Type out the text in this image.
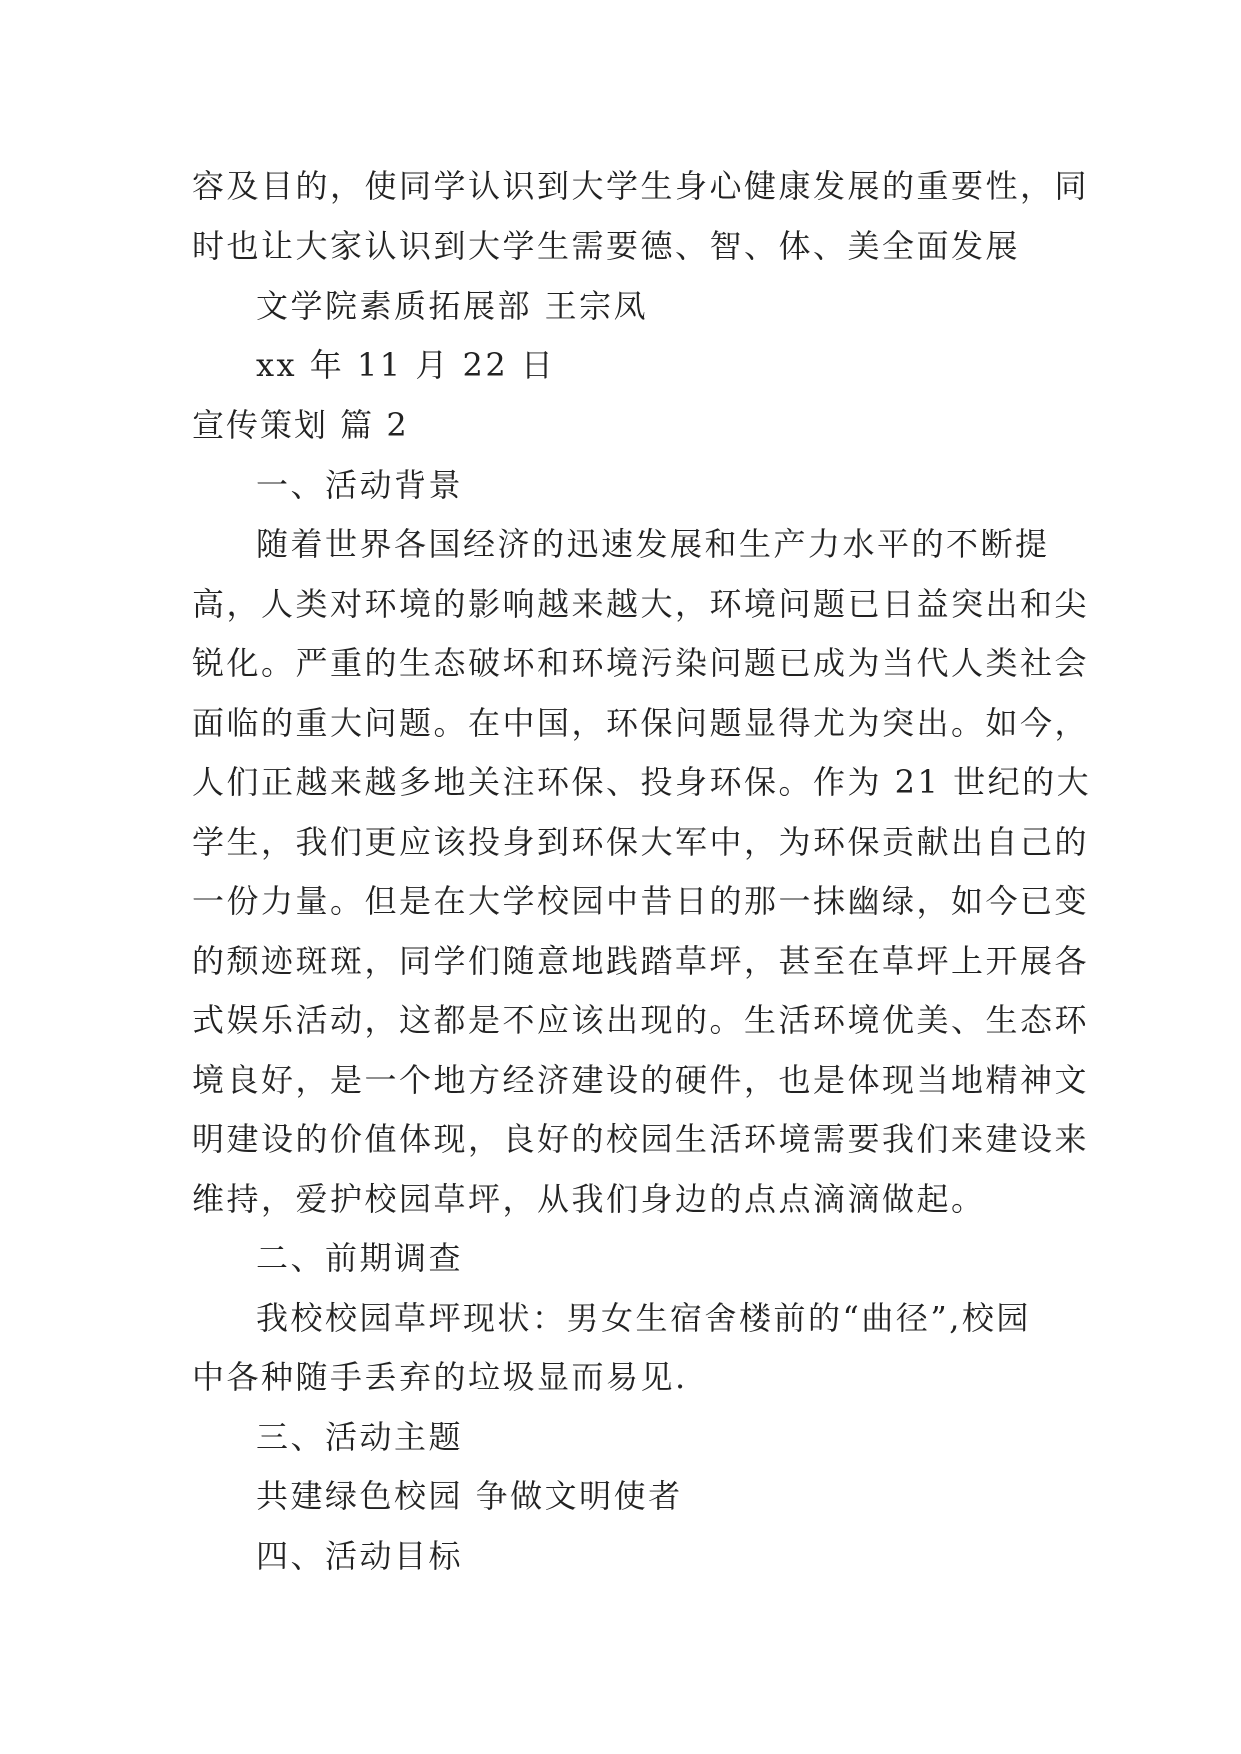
容及目的，使同学认识到大学生身心健康发展的重要性，同
时也让大家认识到大学生需要德、智、体、美全面发展
文学院素质拓展部 王宗凤
xx 年 11 月 22 日
宣传策划 篇 2
一、活动背景
随着世界各国经济的迅速发展和生产力水平的不断提
高，人类对环境的影响越来越大，环境问题已日益突出和尖
锐化。严重的生态破坏和环境污染问题已成为当代人类社会
面临的重大问题。在中国，环保问题显得尤为突出。如今，
人们正越来越多地关注环保、投身环保。作为 21 世纪的大
学生，我们更应该投身到环保大军中，为环保贡献出自己的
一份力量。但是在大学校园中昔日的那一抹幽绿，如今已变
的颓迹斑斑，同学们随意地践踏草坪，甚至在草坪上开展各
式娱乐活动，这都是不应该出现的。生活环境优美、生态环
境良好，是一个地方经济建设的硬件，也是体现当地精神文
明建设的价值体现，良好的校园生活环境需要我们来建设来
维持，爱护校园草坪，从我们身边的点点滴滴做起。
二、前期调查
我校校园草坪现状：男女生宿舍楼前的“曲径”,校园
中各种随手丢弃的垃圾显而易见.
三、活动主题
共建绿色校园 争做文明使者
四、活动目标
